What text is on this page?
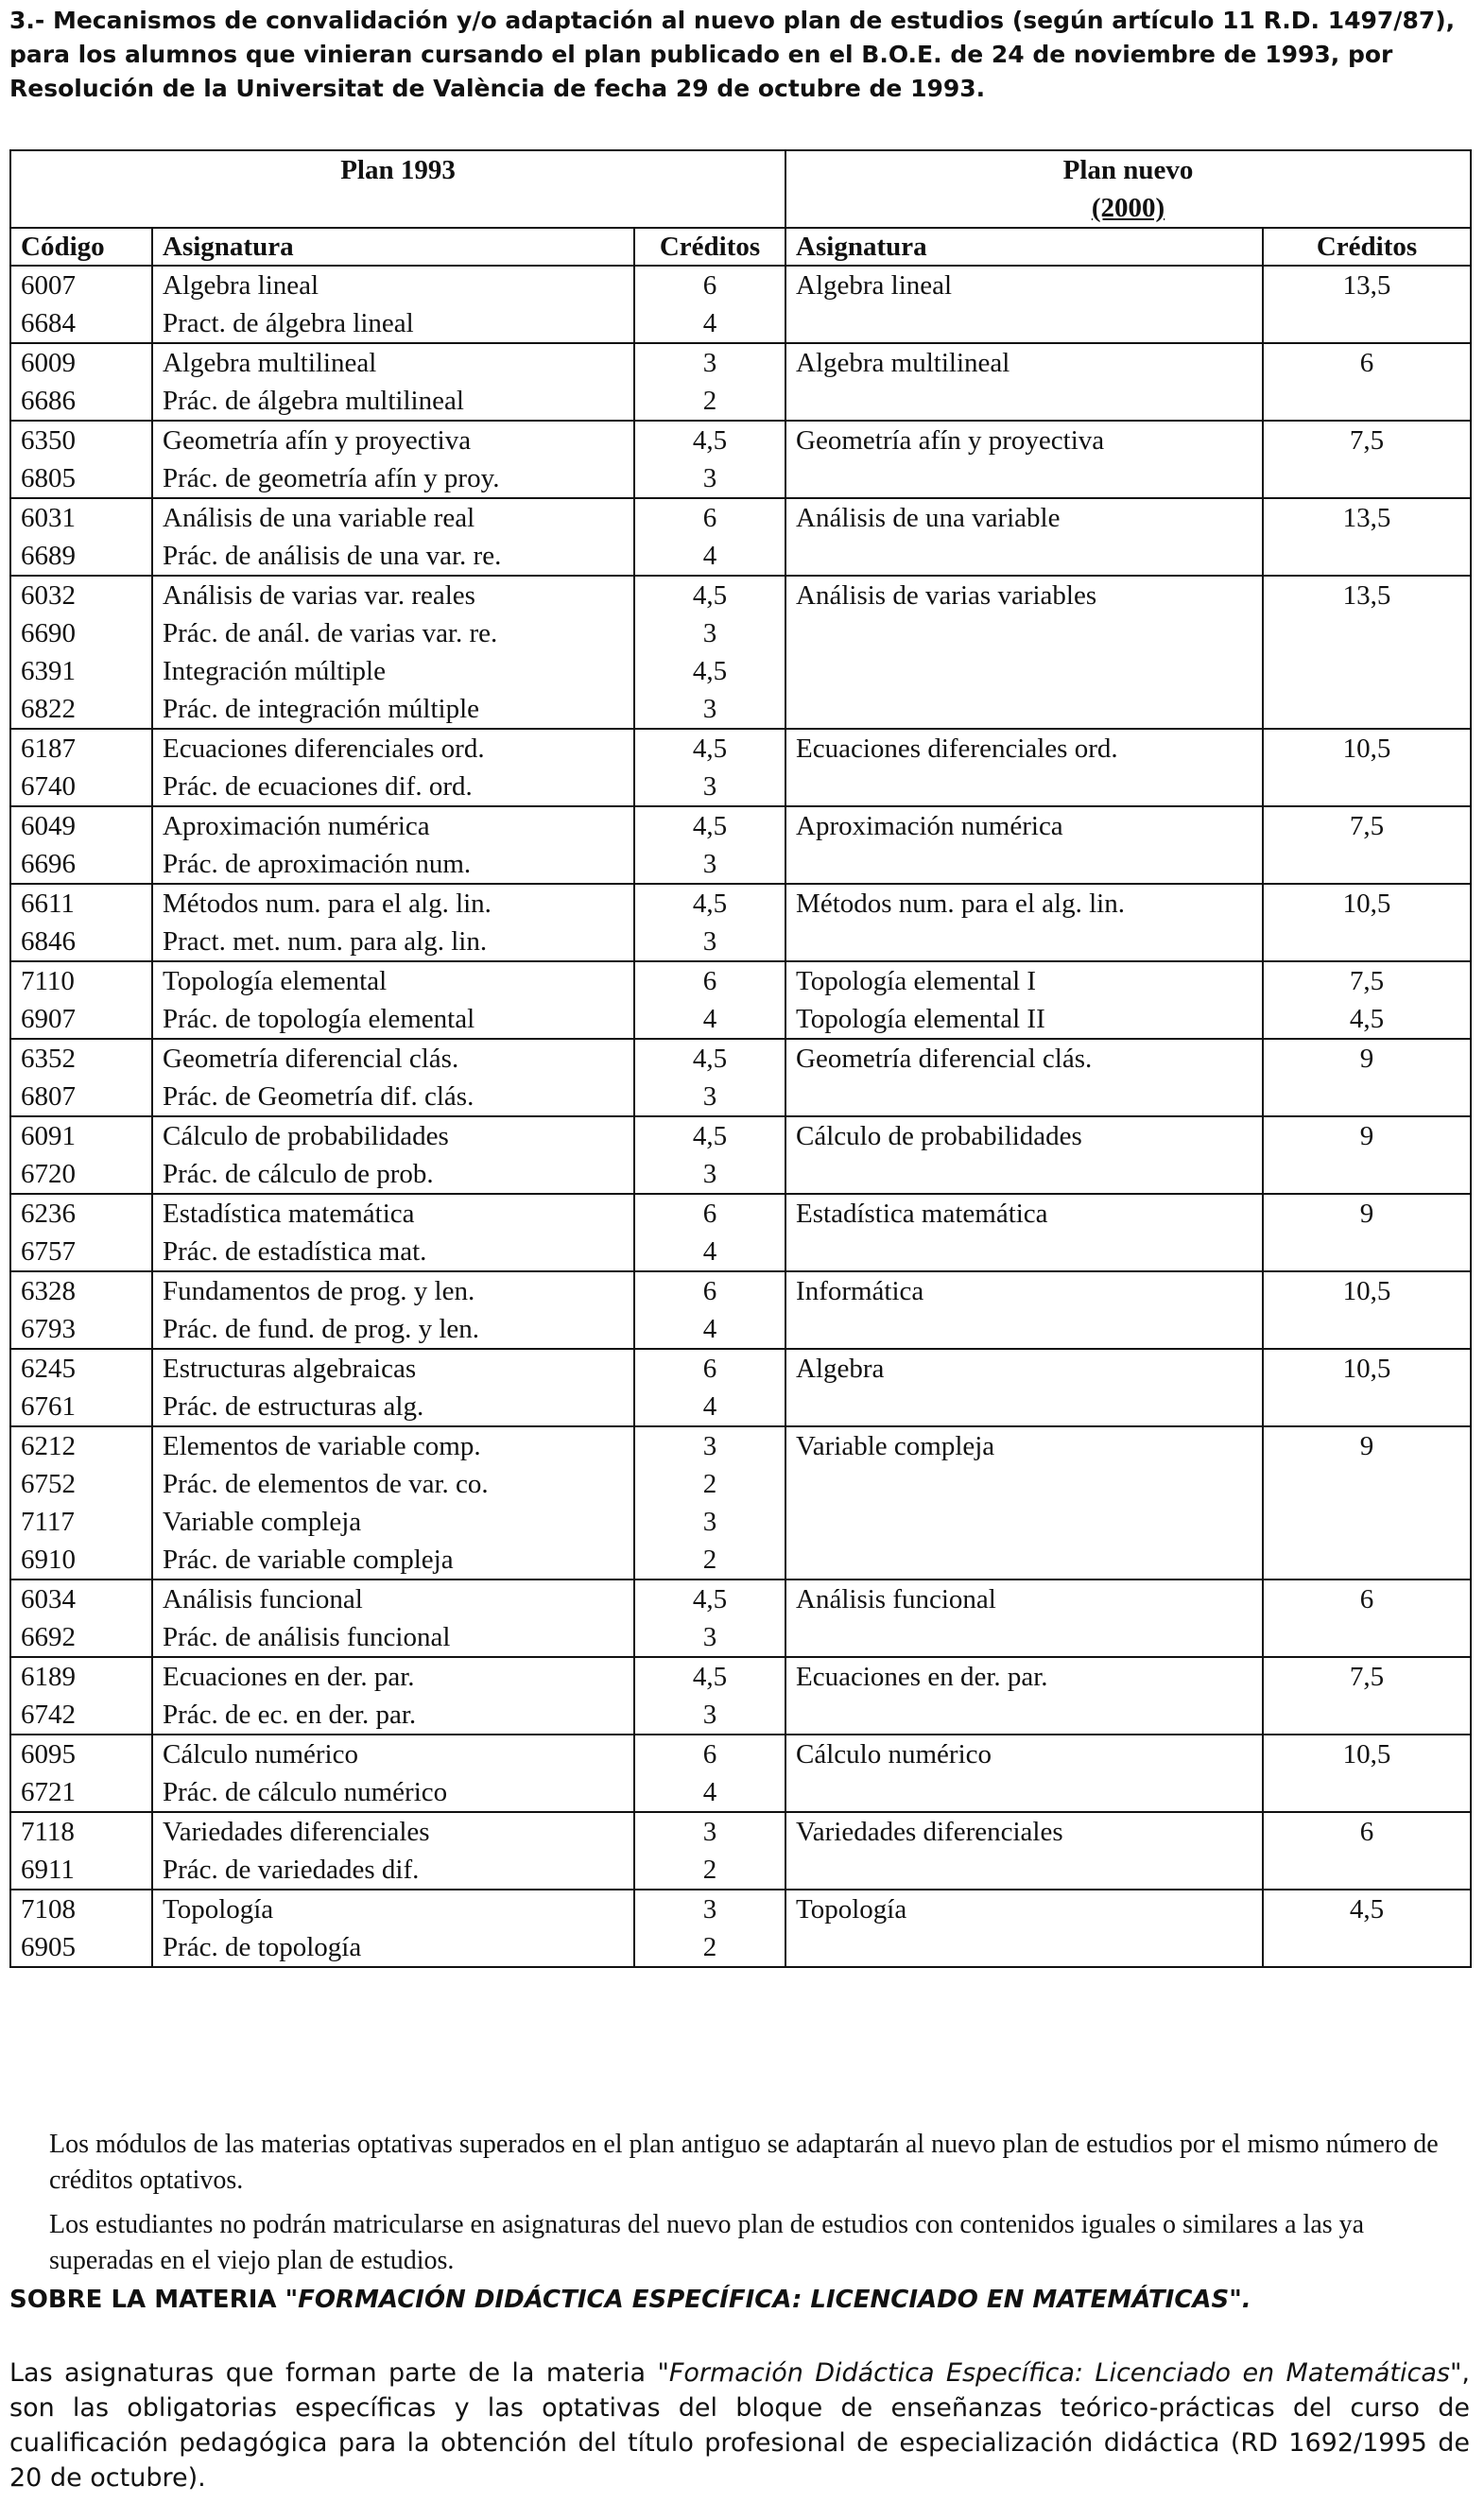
3.- Mecanismos de convalidación y/o adaptación al nuevo plan de estudios (según artículo 11 R.D. 1497/87), para los alumnos que vinieran cursando el plan publicado en el B.O.E. de 24 de noviembre de 1993, por Resolución de la Universitat de València de fecha 29 de octubre de 1993.

Plan 1993			Plan nuevo
(2000)	
Código	Asignatura	Créditos	Asignatura	Créditos
6007	Algebra lineal	6	Algebra lineal	13,5
6684	Pract. de álgebra lineal	4		
6009	Algebra multilineal	3	Algebra multilineal	6
6686	Prác. de álgebra multilineal	2		
6350	Geometría afín y proyectiva	4,5	Geometría afín y proyectiva	7,5
6805	Prác. de geometría afín y proy.	3		
6031	Análisis de una variable real	6	Análisis de una variable	13,5
6689	Prác. de análisis de una var. re.	4		
6032	Análisis de varias var. reales	4,5	Análisis de varias variables	13,5
6690	Prác. de anál. de varias var. re.	3		
6391	Integración múltiple	4,5		
6822	Prác. de integración múltiple	3		
6187	Ecuaciones diferenciales ord.	4,5	Ecuaciones diferenciales ord.	10,5
6740	Prác. de ecuaciones dif. ord.	3		
6049	Aproximación numérica	4,5	Aproximación numérica	7,5
6696	Prác. de aproximación num.	3		
6611	Métodos num. para el alg. lin.	4,5	Métodos num. para el alg. lin.	10,5
6846	Pract. met. num. para alg. lin.	3		
7110	Topología elemental	6	Topología elemental I	7,5
6907	Prác. de topología elemental	4	Topología elemental II	4,5
6352	Geometría diferencial clás.	4,5	Geometría diferencial clás.	9
6807	Prác. de Geometría dif. clás.	3		
6091	Cálculo de probabilidades	4,5	Cálculo de probabilidades	9
6720	Prác. de cálculo de prob.	3		
6236	Estadística matemática	6	Estadística matemática	9
6757	Prác. de estadística mat.	4		
6328	Fundamentos de prog. y len.	6	Informática	10,5
6793	Prác. de fund. de prog. y len.	4		
6245	Estructuras algebraicas	6	Algebra	10,5
6761	Prác. de estructuras alg.	4		
6212	Elementos de variable comp.	3	Variable compleja	9
6752	Prác. de elementos de var. co.	2		
7117	Variable compleja	3		
6910	Prác. de variable compleja	2		
6034	Análisis funcional	4,5	Análisis funcional	6
6692	Prác. de análisis funcional	3		
6189	Ecuaciones en der. par.	4,5	Ecuaciones en der. par.	7,5
6742	Prác. de ec. en der. par.	3		
6095	Cálculo numérico	6	Cálculo numérico	10,5
6721	Prác. de cálculo numérico	4		
7118	Variedades diferenciales	3	Variedades diferenciales	6
6911	Prác. de variedades dif.	2		
7108	Topología	3	Topología	4,5
6905	Prác. de topología	2		

Los módulos de las materias optativas superados en el plan antiguo se adaptarán al nuevo plan de estudios por el mismo número de créditos optativos.

Los estudiantes no podrán matricularse en asignaturas del nuevo plan de estudios con contenidos iguales o similares a las ya superadas en el viejo plan de estudios.

SOBRE LA MATERIA "FORMACIÓN DIDÁCTICA ESPECÍFICA: LICENCIADO EN MATEMÁTICAS".

Las asignaturas que forman parte de la materia "Formación Didáctica Específica: Licenciado en Matemáticas", son las obligatorias específicas y las optativas del bloque de enseñanzas teórico-prácticas del curso de cualificación pedagógica para la obtención del título profesional de especialización didáctica (RD 1692/1995 de 20 de octubre).
